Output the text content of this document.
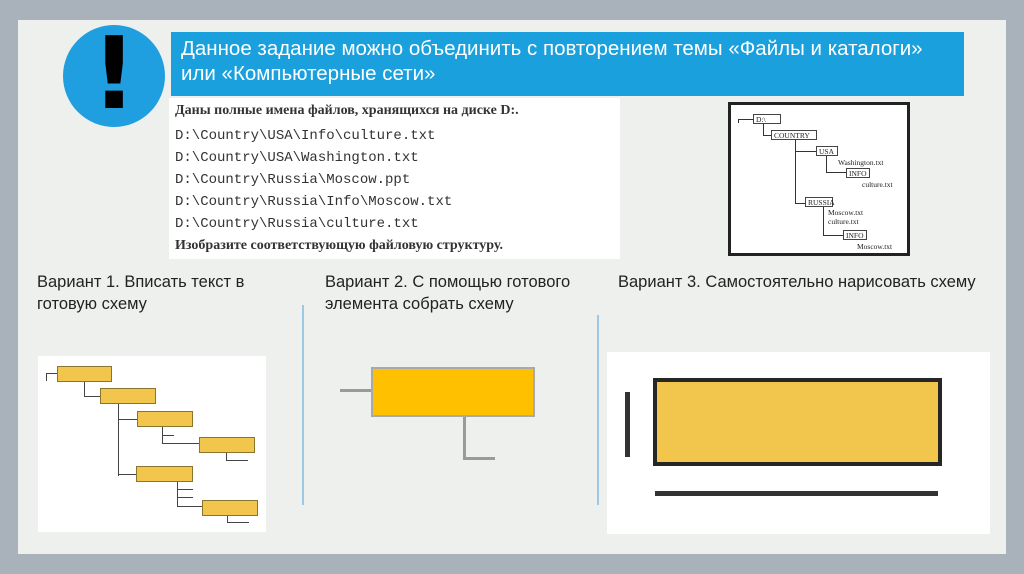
!	Данное задание можно объединить с повторением темы «Файлы и каталоги» или «Компьютерные сети»
Даны полные имена файлов, хранящихся на диске D:.
D:\Country\USA\Info\culture.txt
D:\Country\USA\Washington.txt
D:\Country\Russia\Moscow.ppt
D:\Country\Russia\Info\Moscow.txt
D:\Country\Russia\culture.txt
Изобразите соответствующую файловую структуру.
D:\
COUNTRY
USA
Washington.txt
INFO
culture.txt
RUSSIA
Moscow.txt
culture.txt
INFO
Moscow.txt
Вариант 1. Вписать текст в готовую схему
Вариант 2. С помощью готового элемента собрать схему
Вариант 3. Самостоятельно нарисовать схему
